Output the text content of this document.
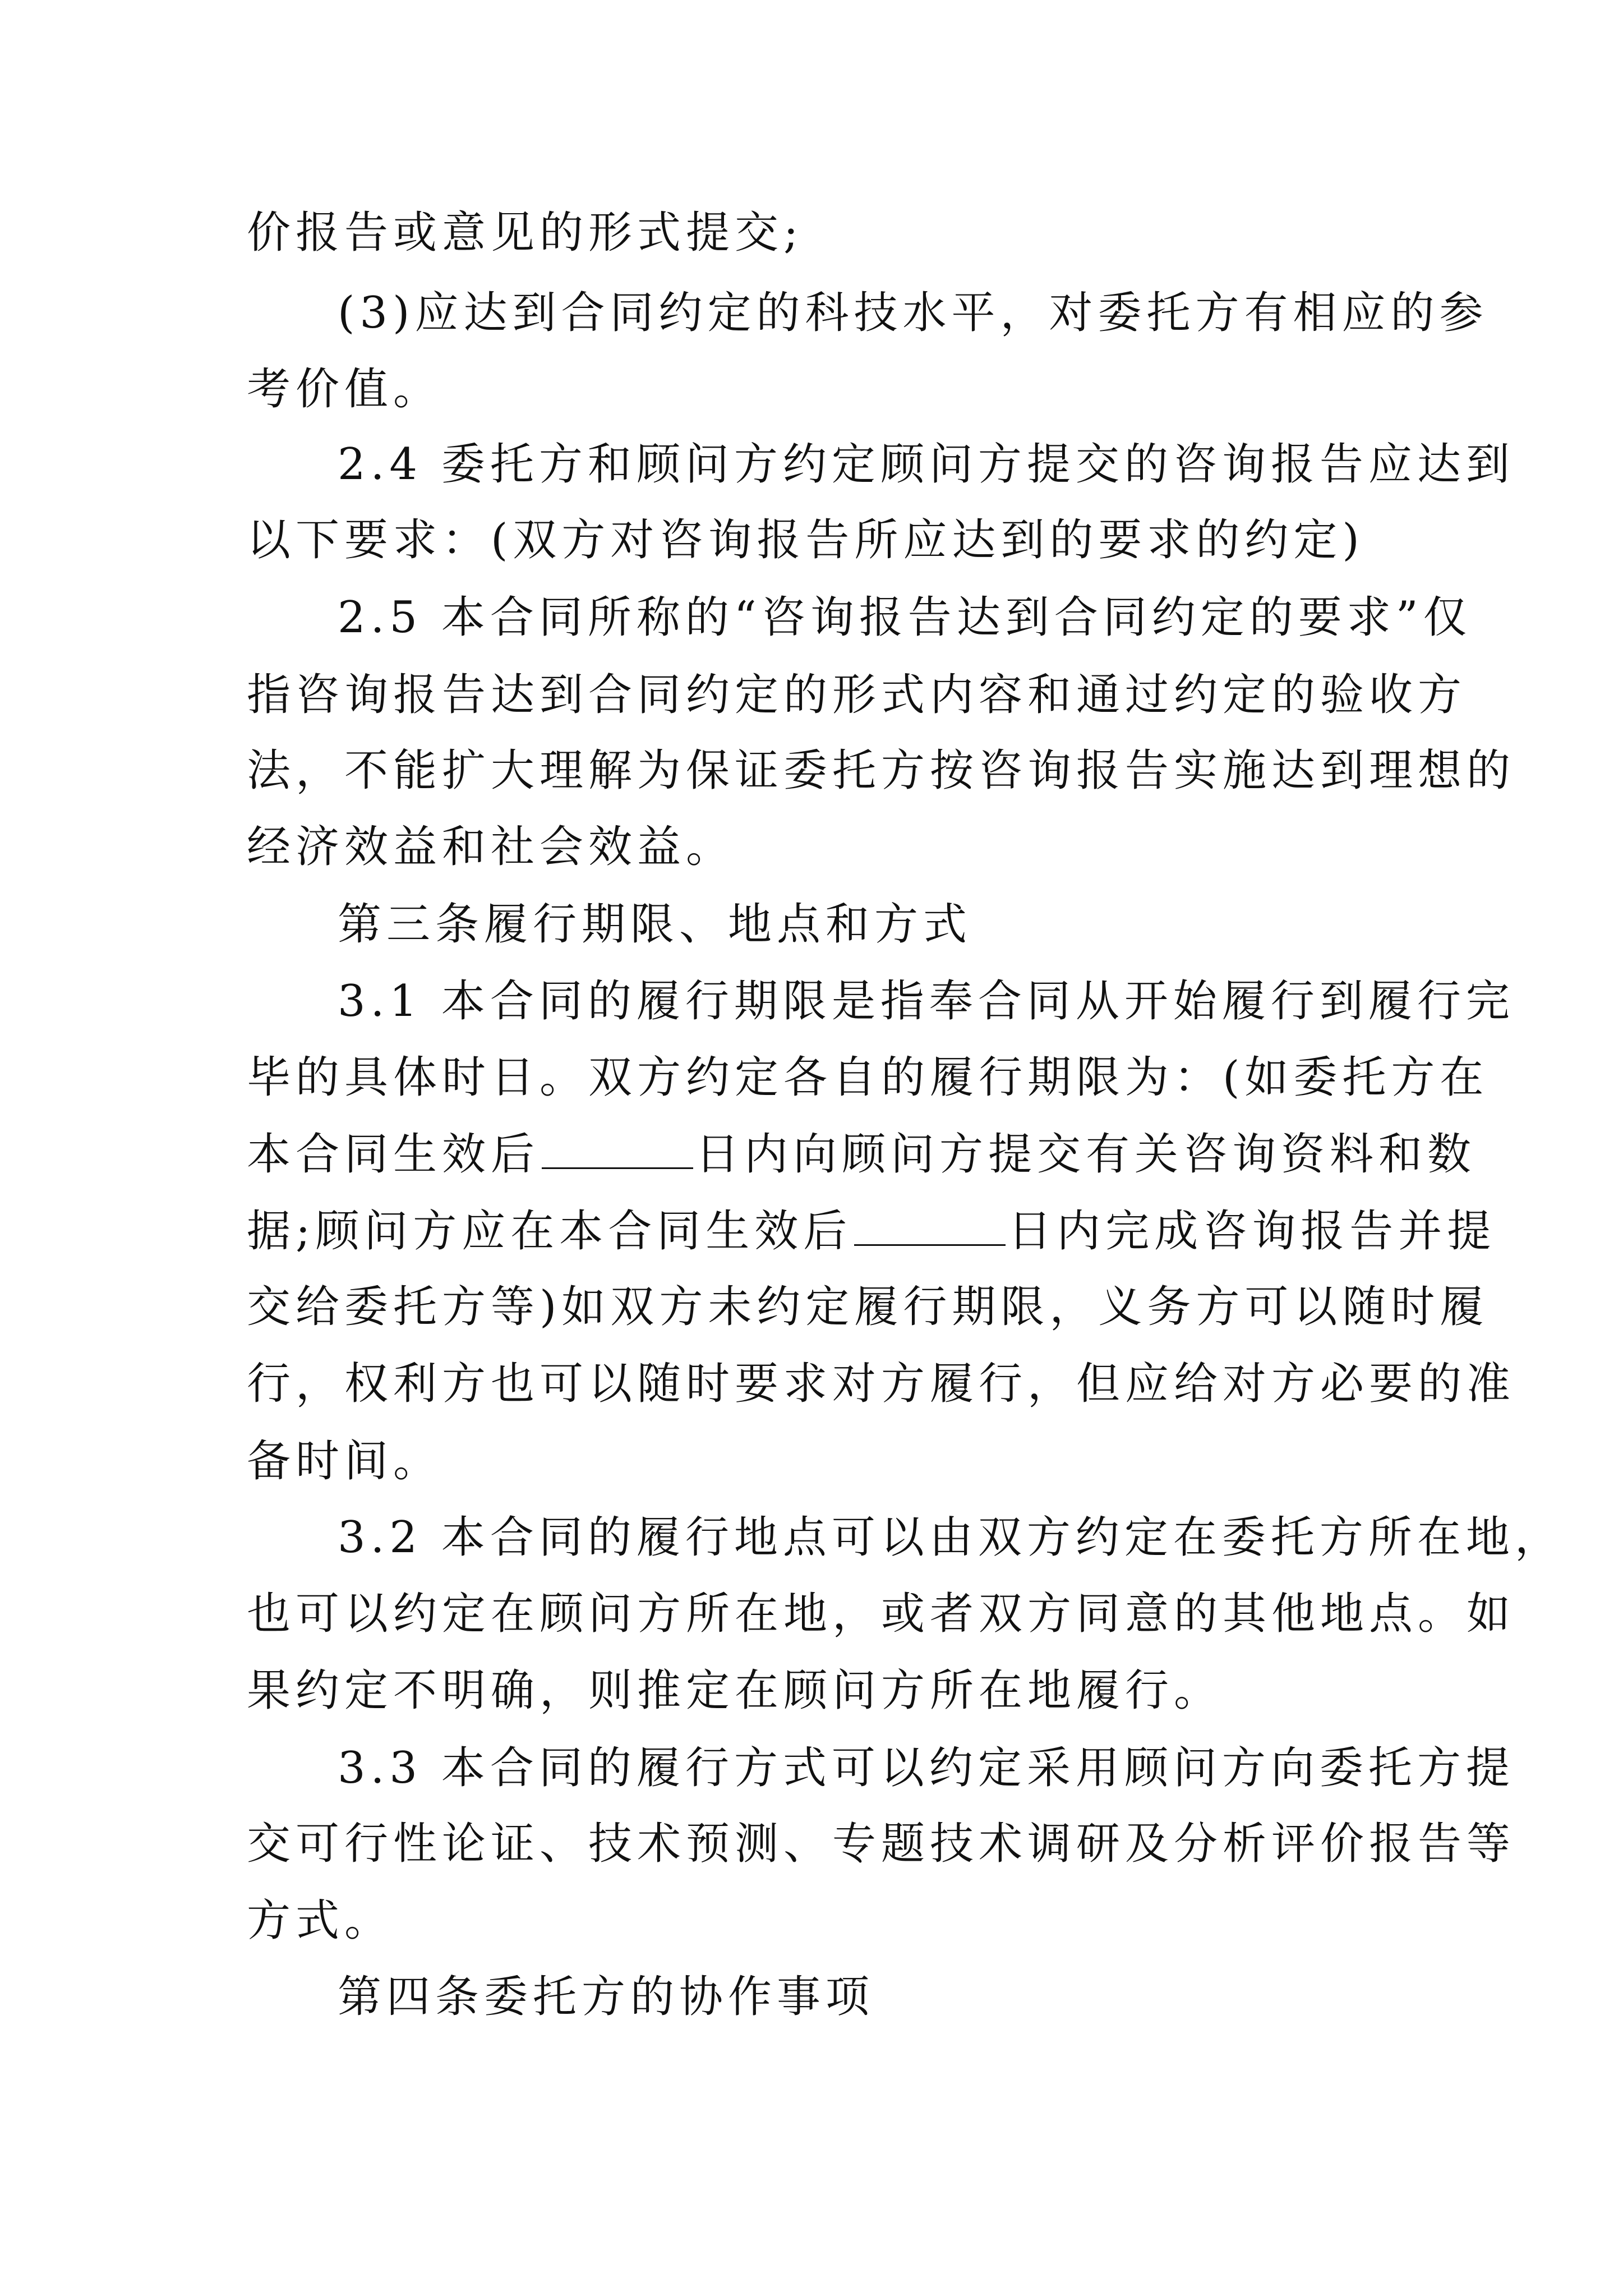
价报告或意见的形式提交;

(3)应达到合同约定的科技水平，对委托方有相应的参

考价值。

2.4 委托方和顾问方约定顾问方提交的咨询报告应达到

以下要求：(双方对咨询报告所应达到的要求的约定)

2.5 本合同所称的“咨询报告达到合同约定的要求”仅

指咨询报告达到合同约定的形式内容和通过约定的验收方

法，不能扩大理解为保证委托方按咨询报告实施达到理想的

经济效益和社会效益。

第三条履行期限、地点和方式

3.1 本合同的履行期限是指奉合同从开始履行到履行完

毕的具体时日。双方约定各自的履行期限为：(如委托方在

本合同生效后	日内向顾问方提交有关咨询资料和数

据;顾问方应在本合同生效后	日内完成咨询报告并提

交给委托方等)如双方未约定履行期限，义务方可以随时履

行，权利方也可以随时要求对方履行，但应给对方必要的准

备时间。

3.2 本合同的履行地点可以由双方约定在委托方所在地，

也可以约定在顾问方所在地，或者双方同意的其他地点。如

果约定不明确，则推定在顾问方所在地履行。

3.3 本合同的履行方式可以约定采用顾问方向委托方提

交可行性论证、技术预测、专题技术调研及分析评价报告等

方式。

第四条委托方的协作事项
